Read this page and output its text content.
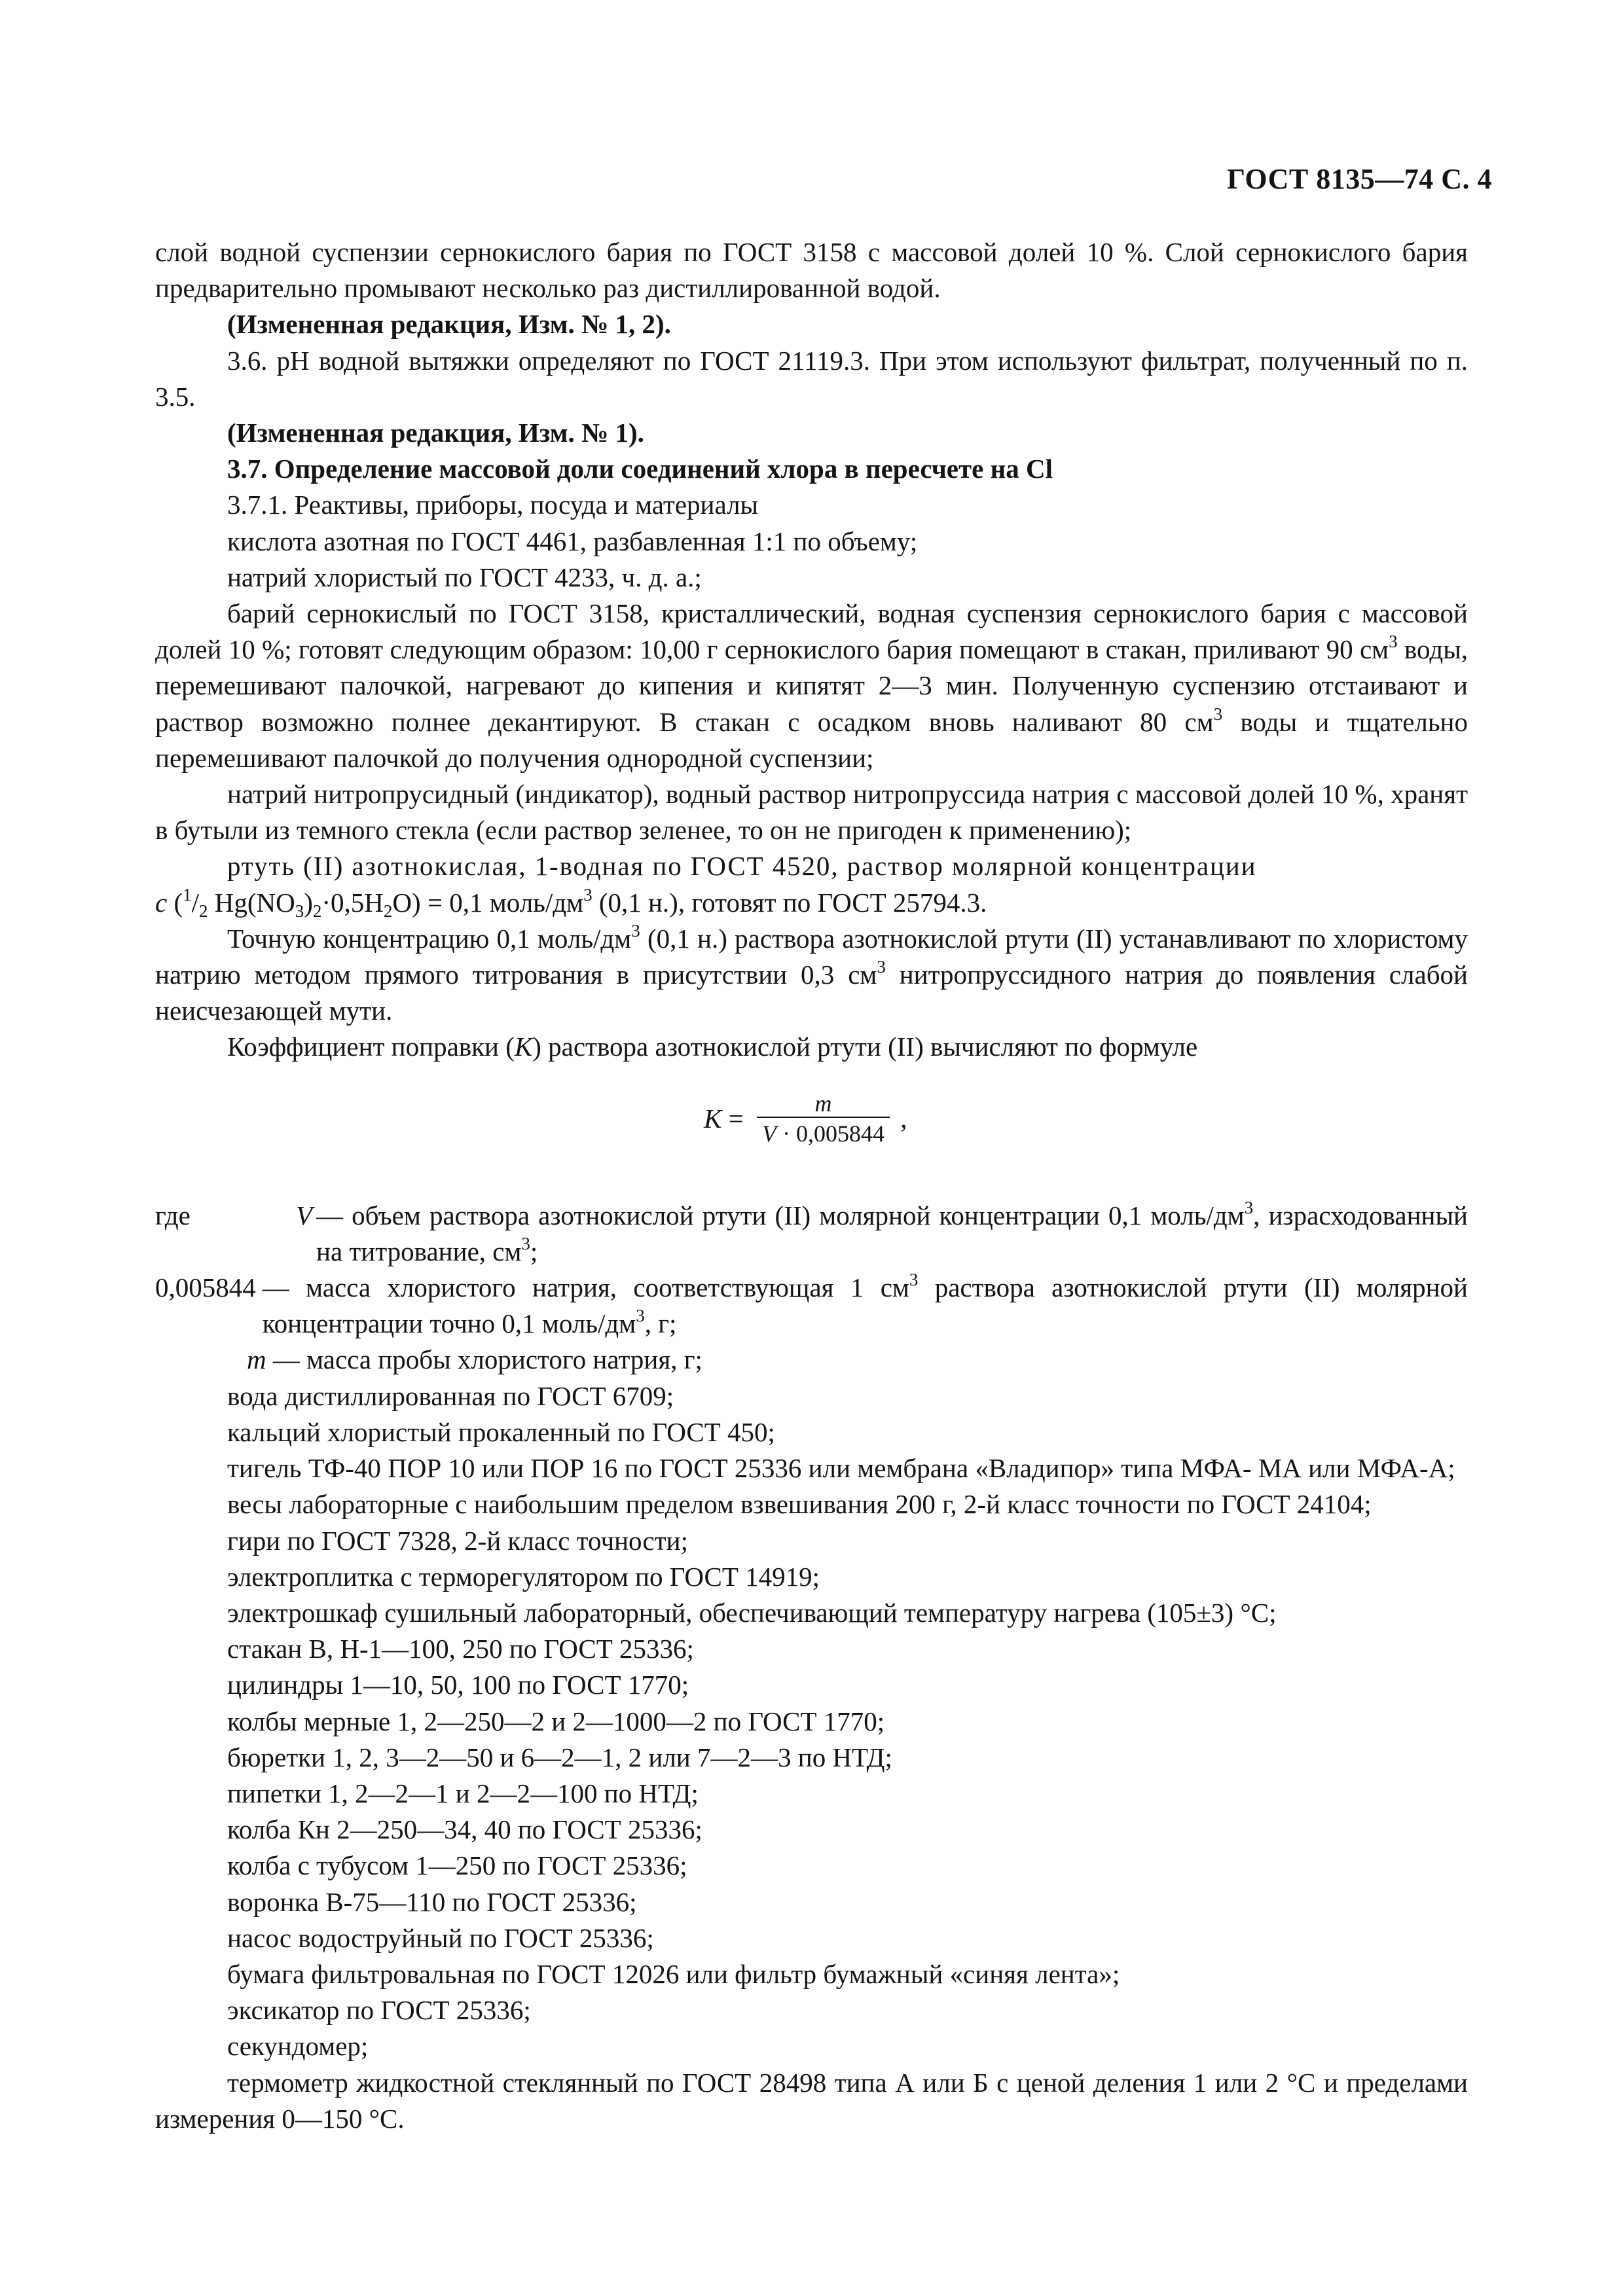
ГОСТ 8135—74 С. 4

слой водной суспензии сернокислого бария по ГОСТ 3158 с массовой долей 10 %. Слой сернокислого бария предварительно промывают несколько раз дистиллированной водой.

(Измененная редакция, Изм. № 1, 2).

3.6. pH водной вытяжки определяют по ГОСТ 21119.3. При этом используют фильтрат, полученный по п. 3.5.

(Измененная редакция, Изм. № 1).

3.7. Определение массовой доли соединений хлора в пересчете на Cl

3.7.1. Реактивы, приборы, посуда и материалы

кислота азотная по ГОСТ 4461, разбавленная 1:1 по объему;

натрий хлористый по ГОСТ 4233, ч. д. а.;

барий сернокислый по ГОСТ 3158, кристаллический, водная суспензия сернокислого бария с массовой долей 10 %; готовят следующим образом: 10,00 г сернокислого бария помещают в стакан, приливают 90 $см^3$ воды, перемешивают палочкой, нагревают до кипения и кипятят 2—3 мин. Полученную суспензию отстаивают и раствор возможно полнее декантируют. В стакан с осадком вновь наливают 80 $см^3$ воды и тщательно перемешивают палочкой до получения однородной суспензии;

натрий нитропрусидный (индикатор), водный раствор нитропруссида натрия с массовой долей 10 %, хранят в бутыли из темного стекла (если раствор зеленее, то он не пригоден к применению);

ртуть (II) азотнокислая, 1-водная по ГОСТ 4520, раствор молярной концентрации

c ($^1/_2$ $Hg(NO_3)_2\cdot 0,5H_2O) = 0,1$ моль/$дм^3$ (0,1 н.), готовят по ГОСТ 25794.3.

Точную концентрацию 0,1 моль/$дм^3$ (0,1 н.) раствора азотнокислой ртути (II) устанавливают по хлористому натрию методом прямого титрования в присутствии 0,3 $см^3$ нитропруссидного натрия до появления слабой неисчезающей мути.

Коэффициент поправки (K) раствора азотнокислой ртути (II) вычисляют по формуле

$K = \frac{m}{V \cdot 0,005844}$ ,
где	V — объем раствора азотнокислой ртути (II) молярной концентрации 0,1 моль/$дм^3$, израсходованный на титрование, $см^3$;
0,005844 — масса хлористого натрия, соответствующая 1 $см^3$ раствора азотнокислой ртути (II) молярной концентрации точно 0,1 моль/$дм^3$, г;

m — масса пробы хлористого натрия, г;

вода дистиллированная по ГОСТ 6709;

кальций хлористый прокаленный по ГОСТ 450;

тигель ТФ-40 ПОР 10 или ПОР 16 по ГОСТ 25336 или мембрана «Владипор» типа МФА- МА или МФА-А;

весы лабораторные с наибольшим пределом взвешивания 200 г, 2-й класс точности по ГОСТ 24104;

гири по ГОСТ 7328, 2-й класс точности;

электроплитка с терморегулятором по ГОСТ 14919;

электрошкаф сушильный лабораторный, обеспечивающий температуру нагрева (105±3) °С;

стакан В, Н-1—100, 250 по ГОСТ 25336;

цилиндры 1—10, 50, 100 по ГОСТ 1770;

колбы мерные 1, 2—250—2 и 2—1000—2 по ГОСТ 1770;

бюретки 1, 2, 3—2—50 и 6—2—1, 2 или 7—2—3 по НТД;

пипетки 1, 2—2—1 и 2—2—100 по НТД;

колба Кн 2—250—34, 40 по ГОСТ 25336;

колба с тубусом 1—250 по ГОСТ 25336;

воронка В-75—110 по ГОСТ 25336;

насос водоструйный по ГОСТ 25336;

бумага фильтровальная по ГОСТ 12026 или фильтр бумажный «синяя лента»;

эксикатор по ГОСТ 25336;

секундомер;

термометр жидкостной стеклянный по ГОСТ 28498 типа А или Б с ценой деления 1 или 2 °С и пределами измерения 0—150 °С.
